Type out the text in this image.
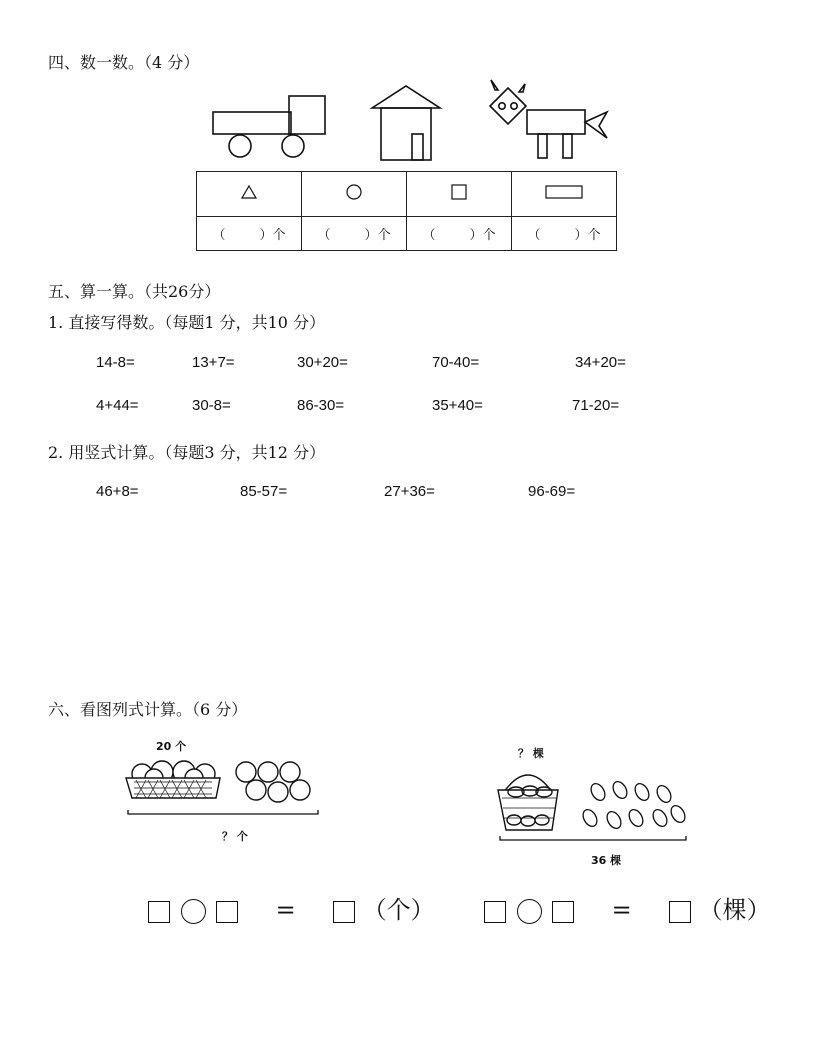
四、数一数。（4 分）

（ ）个	（ ）个	（ ）个	（ ）个
五、算一算。（共26分）
1. 直接写得数。（每题1 分，共10 分）
14-8=	13+7=	30+20=	70-40=	34+20=
4+44=	30-8=	86-30=	35+40=	71-20=
2. 用竖式计算。（每题3 分，共12 分）
46+8=	85-57=	27+36=	96-69=
六、看图列式计算。（6 分）
20 个
？ 个
？ 棵
36 棵
=	（个）	=	（棵）
